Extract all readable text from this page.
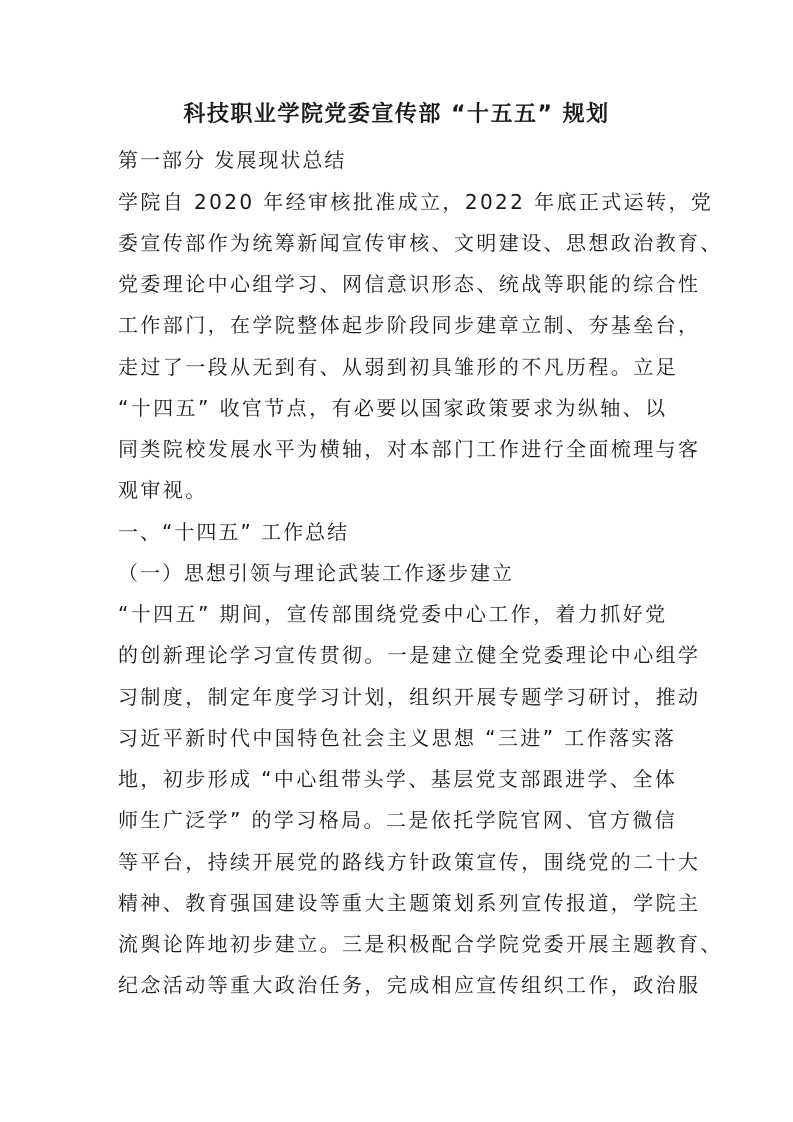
科技职业学院党委宣传部 “十五五” 规划
第一部分 发展现状总结
学院自 2020 年经审核批准成立，2022 年底正式运转，党
委宣传部作为统筹新闻宣传审核、文明建设、思想政治教育、
党委理论中心组学习、网信意识形态、统战等职能的综合性
工作部门，在学院整体起步阶段同步建章立制、夯基垒台，
走过了一段从无到有、从弱到初具雏形的不凡历程。立足
“十四五” 收官节点，有必要以国家政策要求为纵轴、以
同类院校发展水平为横轴，对本部门工作进行全面梳理与客
观审视。
一、“十四五” 工作总结
（一）思想引领与理论武装工作逐步建立
“十四五” 期间，宣传部围绕党委中心工作，着力抓好党
的创新理论学习宣传贯彻。一是建立健全党委理论中心组学
习制度，制定年度学习计划，组织开展专题学习研讨，推动
习近平新时代中国特色社会主义思想 “三进” 工作落实落
地，初步形成 “中心组带头学、基层党支部跟进学、全体
师生广泛学” 的学习格局。二是依托学院官网、官方微信
等平台，持续开展党的路线方针政策宣传，围绕党的二十大
精神、教育强国建设等重大主题策划系列宣传报道，学院主
流舆论阵地初步建立。三是积极配合学院党委开展主题教育、
纪念活动等重大政治任务，完成相应宣传组织工作，政治服
